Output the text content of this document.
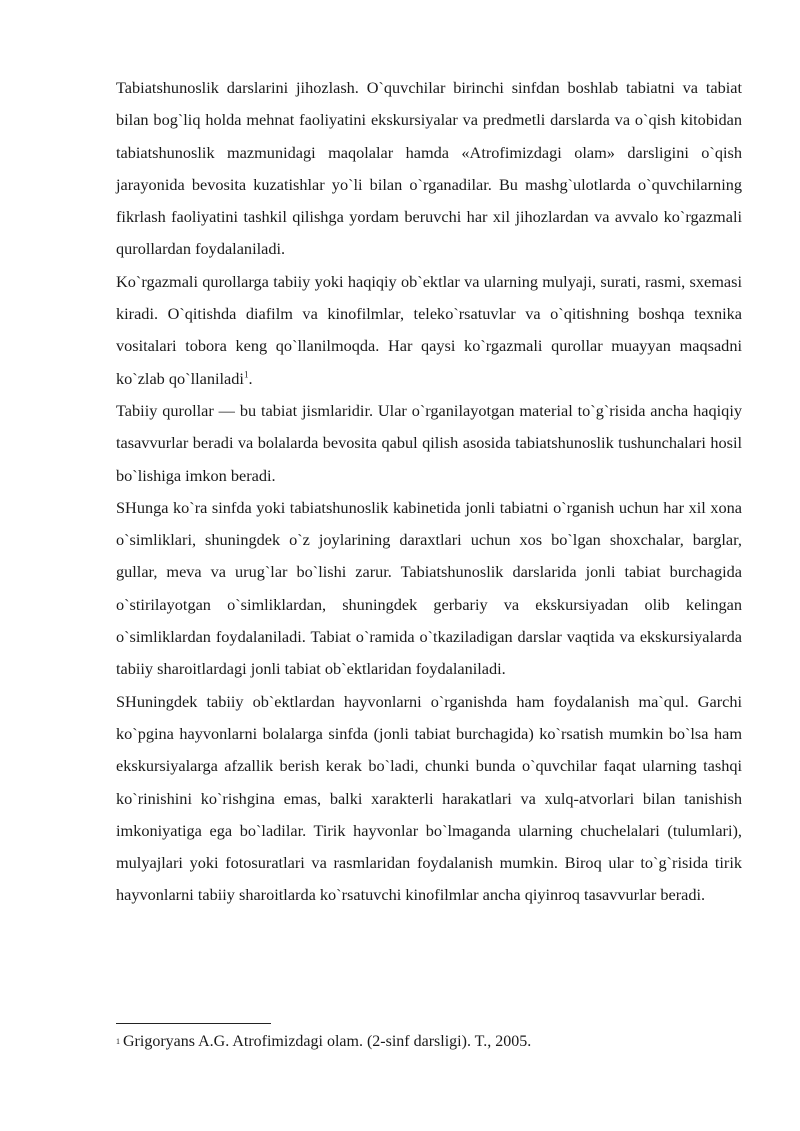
Tabiatshunoslik darslarini jihozlash. O`quvchilar birinchi sinfdan boshlab tabiatni va tabiat bilan bog`liq holda mehnat faoliyatini ekskursiyalar va predmetli darslarda va o`qish kitobidan tabiatshunoslik mazmunidagi maqolalar hamda «Atrofimizdagi olam» darsligini o`qish jarayonida bevosita kuzatishlar yo`li bilan o`rganadilar. Bu mashg`ulotlarda o`quvchilarning fikrlash faoliyatini tashkil qilishga yordam beruvchi har xil jihozlardan va avvalo ko`rgazmali qurollardan foydalaniladi.

Ko`rgazmali qurollarga tabiiy yoki haqiqiy ob`ektlar va ularning mulyaji, surati, rasmi, sxemasi kiradi. O`qitishda diafilm va kinofilmlar, teleko`rsatuvlar va o`qitishning boshqa texnika vositalari tobora keng qo`llanilmoqda. Har qaysi ko`rgazmali qurollar muayyan maqsadni ko`zlab qo`llaniladi$^1$.

Tabiiy qurollar — bu tabiat jismlaridir. Ular o`rganilayotgan material to`g`risida ancha haqiqiy tasavvurlar beradi va bolalarda bevosita qabul qilish asosida tabiatshunoslik tushunchalari hosil bo`lishiga imkon beradi.

SHunga ko`ra sinfda yoki tabiatshunoslik kabinetida jonli tabiatni o`rganish uchun har xil xona o`simliklari, shuningdek o`z joylarining daraxtlari uchun xos bo`lgan shoxchalar, barglar, gullar, meva va urug`lar bo`lishi zarur. Tabiatshunoslik darslarida jonli tabiat burchagida o`stirilayotgan o`simliklardan, shuningdek gerbariy va ekskursiyadan olib kelingan o`simliklardan foydalaniladi. Tabiat o`ramida o`tkaziladigan darslar vaqtida va ekskursiyalarda tabiiy sharoitlardagi jonli tabiat ob`ektlaridan foydalaniladi.

SHuningdek tabiiy ob`ektlardan hayvonlarni o`rganishda ham foydalanish ma`qul. Garchi ko`pgina hayvonlarni bolalarga sinfda (jonli tabiat burchagida) ko`rsatish mumkin bo`lsa ham ekskursiyalarga afzallik berish kerak bo`ladi, chunki bunda o`quvchilar faqat ularning tashqi ko`rinishini ko`rishgina emas, balki xarakterli harakatlari va xulq-atvorlari bilan tanishish imkoniyatiga ega bo`ladilar. Tirik hayvonlar bo`lmaganda ularning chuchelalari (tulumlari), mulyajlari yoki fotosuratlari va rasmlaridan foydalanish mumkin. Biroq ular to`g`risida tirik hayvonlarni tabiiy sharoitlarda ko`rsatuvchi kinofilmlar ancha qiyinroq tasavvurlar beradi.

1 Grigoryans A.G. Atrofimizdagi olam. (2-sinf darsligi). T., 2005.
